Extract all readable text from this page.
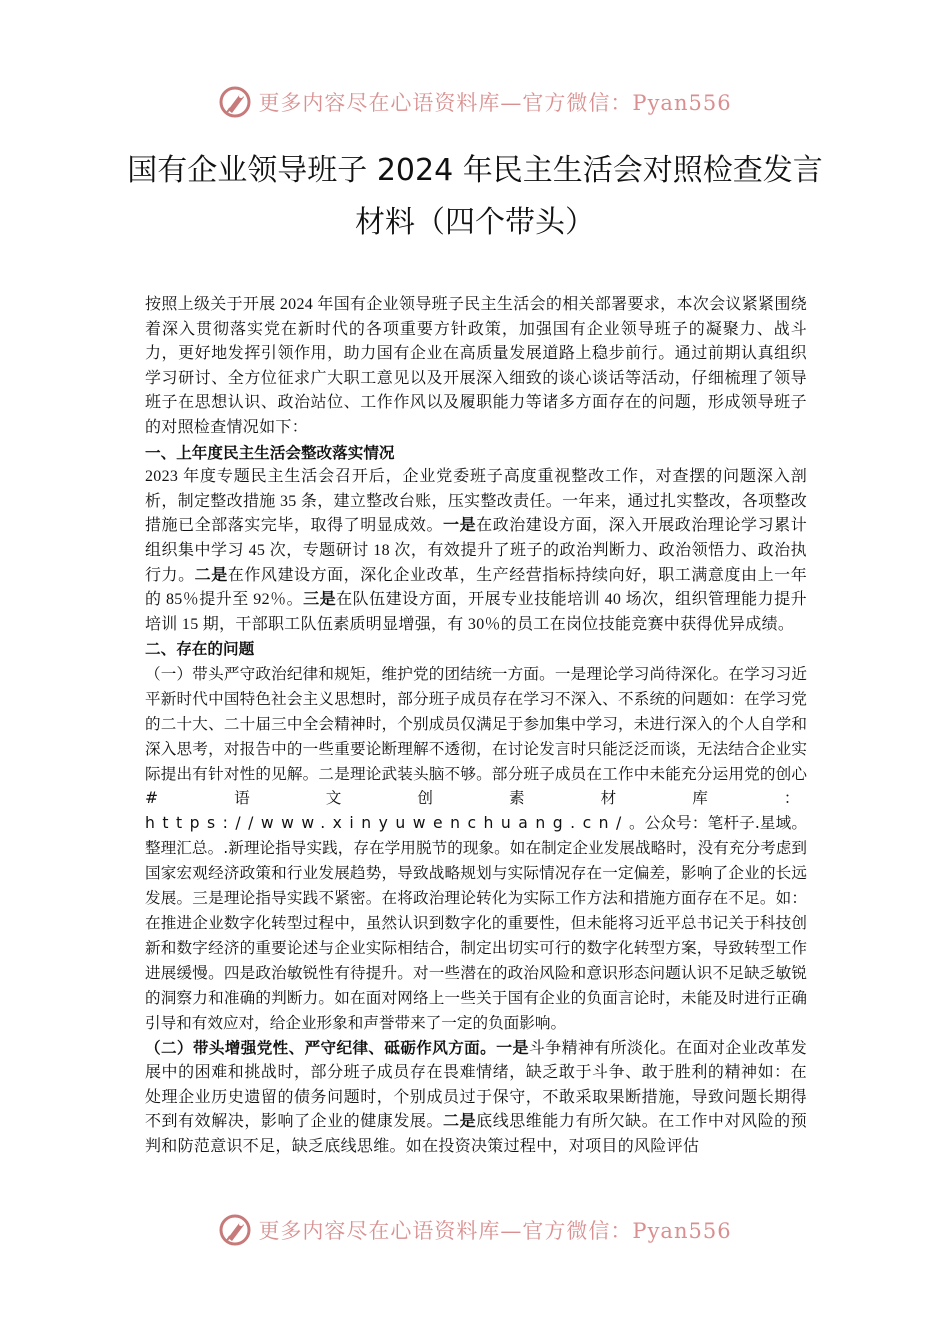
更多内容尽在心语资料库—官方微信：Pyan556
国有企业领导班子 2024 年民主生活会对照检查发言
材料（四个带头）

按照上级关于开展 2024 年国有企业领导班子民主生活会的相关部署要求，本次会议紧紧围绕着深入贯彻落实党在新时代的各项重要方针政策，加强国有企业领导班子的凝聚力、战斗力，更好地发挥引领作用，助力国有企业在高质量发展道路上稳步前行。通过前期认真组织学习研讨、全方位征求广大职工意见以及开展深入细致的谈心谈话等活动，仔细梳理了领导班子在思想认识、政治站位、工作作风以及履职能力等诸多方面存在的问题，形成领导班子的对照检查情况如下：

一、上年度民主生活会整改落实情况

2023 年度专题民主生活会召开后，企业党委班子高度重视整改工作，对查摆的问题深入剖析，制定整改措施 35 条，建立整改台账，压实整改责任。一年来，通过扎实整改，各项整改措施已全部落实完毕，取得了明显成效。一是在政治建设方面，深入开展政治理论学习累计组织集中学习 45 次，专题研讨 18 次，有效提升了班子的政治判断力、政治领悟力、政治执行力。二是在作风建设方面，深化企业改革，生产经营指标持续向好，职工满意度由上一年的 85％提升至 92％。三是在队伍建设方面，开展专业技能培训 40 场次，组织管理能力提升培训 15 期，干部职工队伍素质明显增强，有 30％的员工在岗位技能竞赛中获得优异成绩。

二、存在的问题

（一）带头严守政治纪律和规矩，维护党的团结统一方面。一是理论学习尚待深化。在学习习近平新时代中国特色社会主义思想时，部分班子成员存在学习不深入、不系统的问题如：在学习党的二十大、二十届三中全会精神时，个别成员仅满足于参加集中学习，未进行深入的个人自学和深入思考，对报告中的一些重要论断理解不透彻，在讨论发言时只能泛泛而谈，无法结合企业实际提出有针对性的见解。二是理论武装头脑不够。部分班子成员在工作中未能充分运用党的创心#语文创素材库：https://www.xinyuwenchuang.cn/。公众号：笔杆子.星域。整理汇总。.新理论指导实践，存在学用脱节的现象。如在制定企业发展战略时，没有充分考虑到国家宏观经济政策和行业发展趋势，导致战略规划与实际情况存在一定偏差，影响了企业的长远发展。三是理论指导实践不紧密。在将政治理论转化为实际工作方法和措施方面存在不足。如：在推进企业数字化转型过程中，虽然认识到数字化的重要性，但未能将习近平总书记关于科技创新和数字经济的重要论述与企业实际相结合，制定出切实可行的数字化转型方案，导致转型工作进展缓慢。四是政治敏锐性有待提升。对一些潜在的政治风险和意识形态问题认识不足缺乏敏锐的洞察力和准确的判断力。如在面对网络上一些关于国有企业的负面言论时，未能及时进行正确引导和有效应对，给企业形象和声誉带来了一定的负面影响。

（二）带头增强党性、严守纪律、砥砺作风方面。一是斗争精神有所淡化。在面对企业改革发展中的困难和挑战时，部分班子成员存在畏难情绪，缺乏敢于斗争、敢于胜利的精神如：在处理企业历史遗留的债务问题时，个别成员过于保守，不敢采取果断措施，导致问题长期得不到有效解决，影响了企业的健康发展。二是底线思维能力有所欠缺。在工作中对风险的预判和防范意识不足，缺乏底线思维。如在投资决策过程中，对项目的风险评估

更多内容尽在心语资料库—官方微信：Pyan556
